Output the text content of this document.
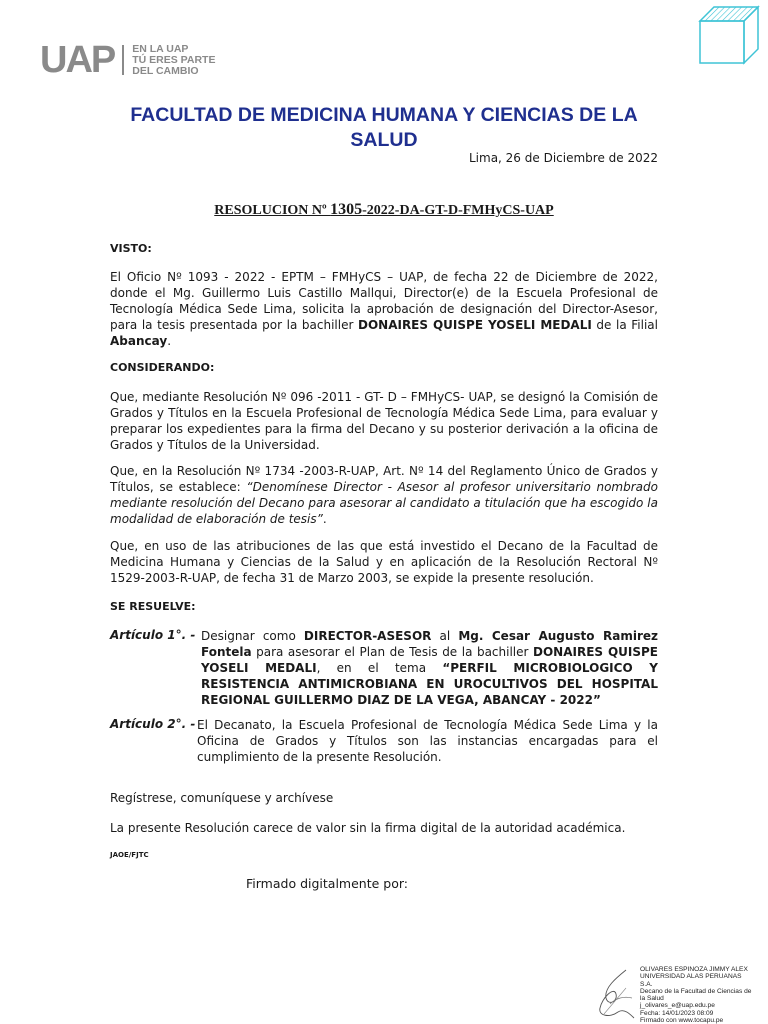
UAP EN LA UAP
TÚ ERES PARTE
DEL CAMBIO
FACULTAD DE MEDICINA HUMANA Y CIENCIAS DE LA SALUD
Lima, 26 de Diciembre de 2022
RESOLUCION Nº 1305-2022-DA-GT-D-FMHyCS-UAP
VISTO:
El Oficio Nº 1093 - 2022 - EPTM – FMHyCS – UAP, de fecha 22 de Diciembre de 2022, donde el Mg. Guillermo Luis Castillo Mallqui, Director(e) de la Escuela Profesional de Tecnología Médica Sede Lima, solicita la aprobación de designación del Director-Asesor, para la tesis presentada por la bachiller DONAIRES QUISPE YOSELI MEDALI de la Filial Abancay.
CONSIDERANDO:
Que, mediante Resolución Nº 096 -2011 - GT- D – FMHyCS- UAP, se designó la Comisión de Grados y Títulos en la Escuela Profesional de Tecnología Médica Sede Lima, para evaluar y preparar los expedientes para la firma del Decano y su posterior derivación a la oficina de Grados y Títulos de la Universidad.
Que, en la Resolución Nº 1734 -2003-R-UAP, Art. Nº 14 del Reglamento Único de Grados y Títulos, se establece: “Denomínese Director - Asesor al profesor universitario nombrado mediante resolución del Decano para asesorar al candidato a titulación que ha escogido la modalidad de elaboración de tesis”.
Que, en uso de las atribuciones de las que está investido el Decano de la Facultad de Medicina Humana y Ciencias de la Salud y en aplicación de la Resolución Rectoral Nº 1529-2003-R-UAP, de fecha 31 de Marzo 2003, se expide la presente resolución.
SE RESUELVE:
Artículo 1°. - Designar como DIRECTOR-ASESOR al Mg. Cesar Augusto Ramirez Fontela para asesorar el Plan de Tesis de la bachiller DONAIRES QUISPE YOSELI MEDALI, en el tema “PERFIL MICROBIOLOGICO Y RESISTENCIA ANTIMICROBIANA EN UROCULTIVOS DEL HOSPITAL REGIONAL GUILLERMO DIAZ DE LA VEGA, ABANCAY - 2022”
Artículo 2°. - El Decanato, la Escuela Profesional de Tecnología Médica Sede Lima y la Oficina de Grados y Títulos son las instancias encargadas para el cumplimiento de la presente Resolución.
Regístrese, comuníquese y archívese
La presente Resolución carece de valor sin la firma digital de la autoridad académica.
JAOE/FJTC
Firmado digitalmente por:
OLIVARES ESPINOZA JIMMY ALEX
UNIVERSIDAD ALAS PERUANAS
S.A.
Decano de la Facultad de Ciencias de
la Salud
j_olivares_e@uap.edu.pe
Fecha: 14/01/2023 08:09
Firmado con www.tocapu.pe
